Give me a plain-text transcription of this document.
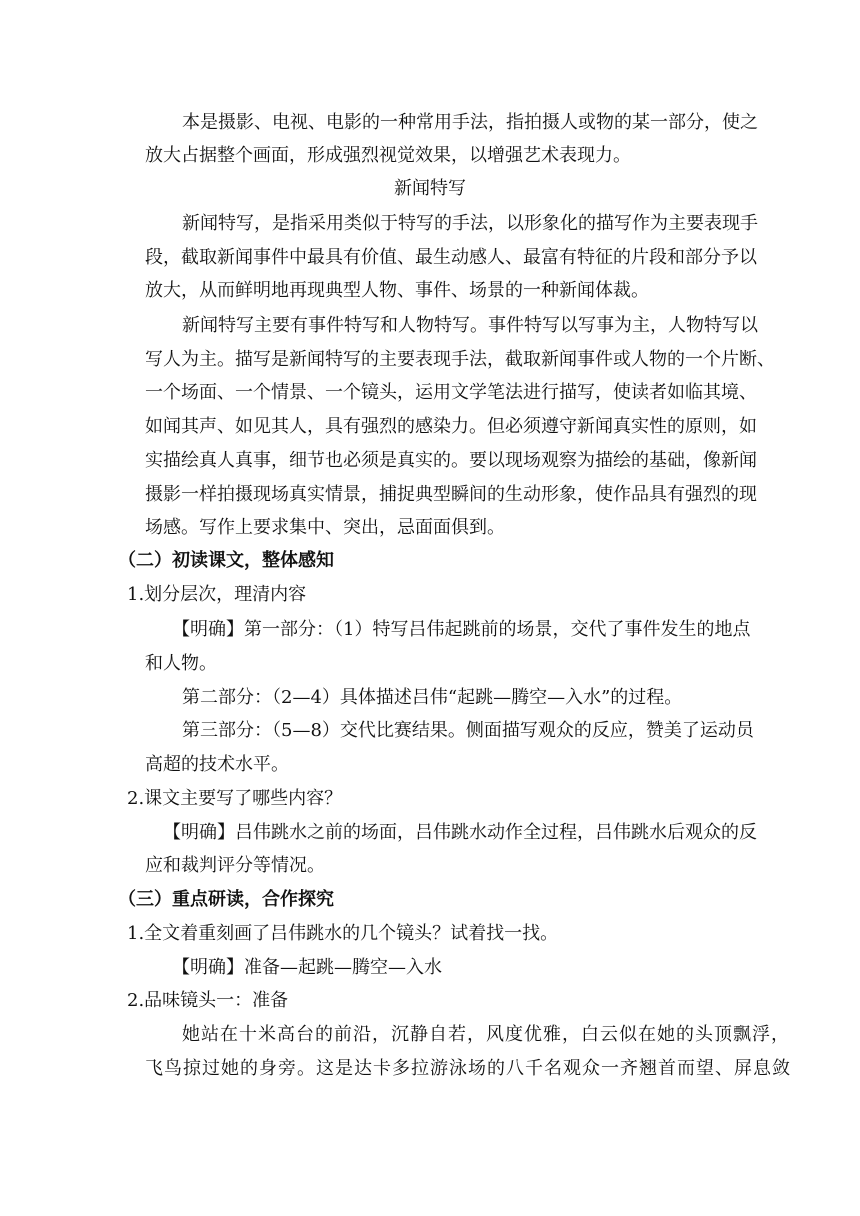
本是摄影、电视、电影的一种常用手法，指拍摄人或物的某一部分，使之
放大占据整个画面，形成强烈视觉效果，以增强艺术表现力。
新闻特写
新闻特写，是指采用类似于特写的手法，以形象化的描写作为主要表现手
段，截取新闻事件中最具有价值、最生动感人、最富有特征的片段和部分予以
放大，从而鲜明地再现典型人物、事件、场景的一种新闻体裁。
新闻特写主要有事件特写和人物特写。事件特写以写事为主，人物特写以
写人为主。描写是新闻特写的主要表现手法，截取新闻事件或人物的一个片断、
一个场面、一个情景、一个镜头，运用文学笔法进行描写，使读者如临其境、
如闻其声、如见其人，具有强烈的感染力。但必须遵守新闻真实性的原则，如
实描绘真人真事，细节也必须是真实的。要以现场观察为描绘的基础，像新闻
摄影一样拍摄现场真实情景，捕捉典型瞬间的生动形象，使作品具有强烈的现
场感。写作上要求集中、突出，忌面面俱到。
（二）初读课文，整体感知
1.划分层次，理清内容
【明确】第一部分：（1）特写吕伟起跳前的场景，交代了事件发生的地点
和人物。
第二部分：（2—4）具体描述吕伟“起跳—腾空—入水”的过程。
第三部分：（5—8）交代比赛结果。侧面描写观众的反应，赞美了运动员
高超的技术水平。
2.课文主要写了哪些内容？
【明确】吕伟跳水之前的场面，吕伟跳水动作全过程，吕伟跳水后观众的反
应和裁判评分等情况。
（三）重点研读，合作探究
1.全文着重刻画了吕伟跳水的几个镜头？试着找一找。
【明确】准备—起跳—腾空—入水
2.品味镜头一：准备
她站在十米高台的前沿，沉静自若，风度优雅，白云似在她的头顶飘浮，
飞鸟掠过她的身旁。这是达卡多拉游泳场的八千名观众一齐翘首而望、屏息敛
